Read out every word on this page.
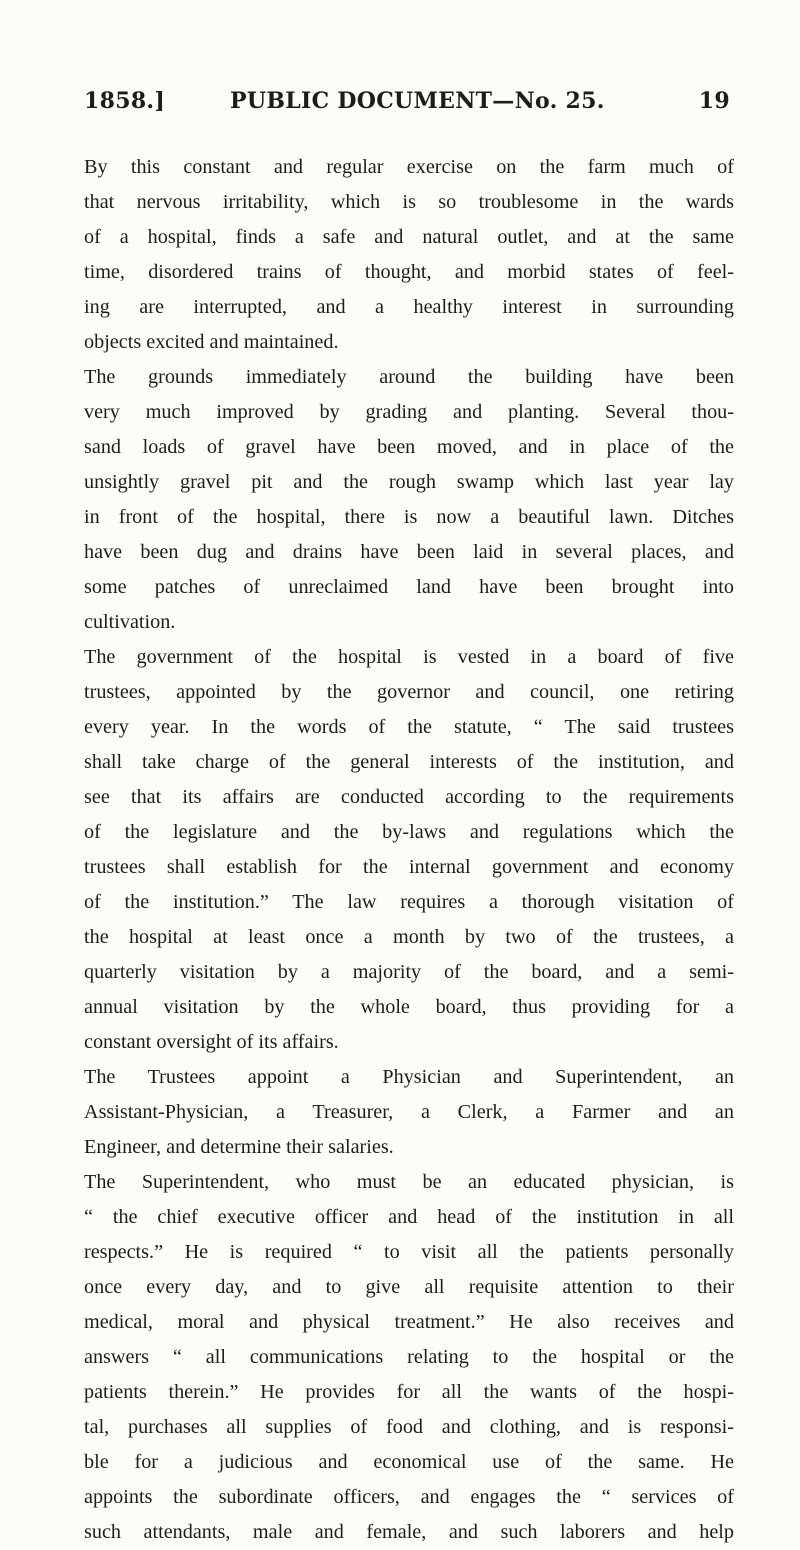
1858.]	PUBLIC DOCUMENT—No. 25.	19
By this constant and regular exercise on the farm much of
that nervous irritability, which is so troublesome in the wards
of a hospital, finds a safe and natural outlet, and at the same
time, disordered trains of thought, and morbid states of feel-
ing are interrupted, and a healthy interest in surrounding
objects excited and maintained.
The grounds immediately around the building have been
very much improved by grading and planting. Several thou-
sand loads of gravel have been moved, and in place of the
unsightly gravel pit and the rough swamp which last year lay
in front of the hospital, there is now a beautiful lawn. Ditches
have been dug and drains have been laid in several places, and
some patches of unreclaimed land have been brought into
cultivation.
The government of the hospital is vested in a board of five
trustees, appointed by the governor and council, one retiring
every year. In the words of the statute, “ The said trustees
shall take charge of the general interests of the institution, and
see that its affairs are conducted according to the requirements
of the legislature and the by-laws and regulations which the
trustees shall establish for the internal government and economy
of the institution.” The law requires a thorough visitation of
the hospital at least once a month by two of the trustees, a
quarterly visitation by a majority of the board, and a semi-
annual visitation by the whole board, thus providing for a
constant oversight of its affairs.
The Trustees appoint a Physician and Superintendent, an
Assistant-Physician, a Treasurer, a Clerk, a Farmer and an
Engineer, and determine their salaries.
The Superintendent, who must be an educated physician, is
“ the chief executive officer and head of the institution in all
respects.” He is required “ to visit all the patients personally
once every day, and to give all requisite attention to their
medical, moral and physical treatment.” He also receives and
answers “ all communications relating to the hospital or the
patients therein.” He provides for all the wants of the hospi-
tal, purchases all supplies of food and clothing, and is responsi-
ble for a judicious and economical use of the same. He
appoints the subordinate officers, and engages the “ services of
such attendants, male and female, and such laborers and help
